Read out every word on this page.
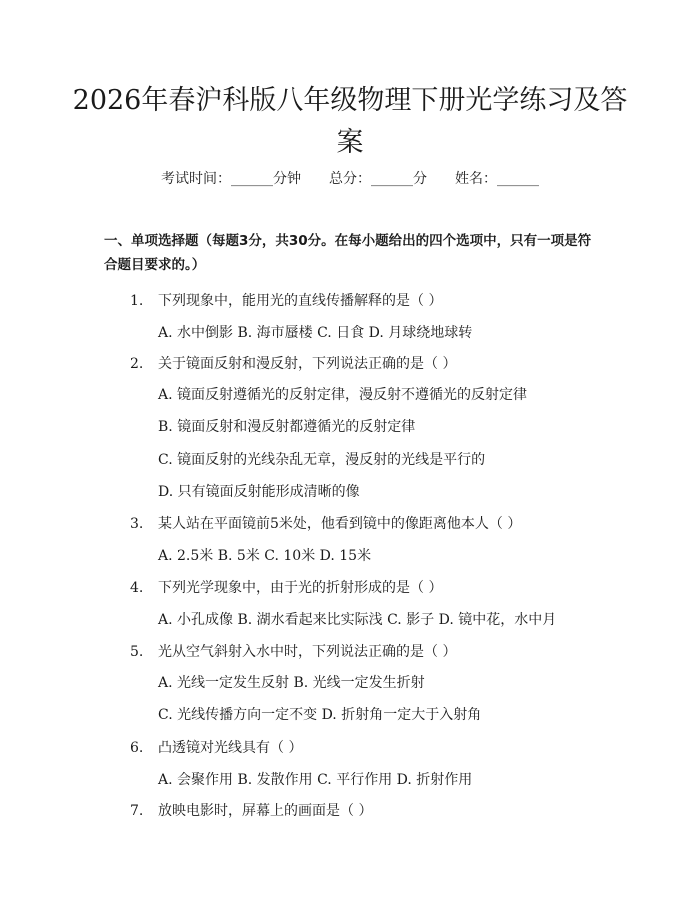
2026年春沪科版八年级物理下册光学练习及答案
考试时间：______分钟　　总分：______分　　姓名：______

一、单项选择题（每题3分，共30分。在每小题给出的四个选项中，只有一项是符合题目要求的。）

1. 下列现象中，能用光的直线传播解释的是（ ）
A. 水中倒影 B. 海市蜃楼 C. 日食 D. 月球绕地球转
2. 关于镜面反射和漫反射，下列说法正确的是（ ）
A. 镜面反射遵循光的反射定律，漫反射不遵循光的反射定律
B. 镜面反射和漫反射都遵循光的反射定律
C. 镜面反射的光线杂乱无章，漫反射的光线是平行的
D. 只有镜面反射能形成清晰的像
3. 某人站在平面镜前5米处，他看到镜中的像距离他本人（ ）
A. 2.5米 B. 5米 C. 10米 D. 15米
4. 下列光学现象中，由于光的折射形成的是（ ）
A. 小孔成像 B. 湖水看起来比实际浅 C. 影子 D. 镜中花，水中月
5. 光从空气斜射入水中时，下列说法正确的是（ ）
A. 光线一定发生反射 B. 光线一定发生折射
C. 光线传播方向一定不变 D. 折射角一定大于入射角
6. 凸透镜对光线具有（ ）
A. 会聚作用 B. 发散作用 C. 平行作用 D. 折射作用
7. 放映电影时，屏幕上的画面是（ ）
